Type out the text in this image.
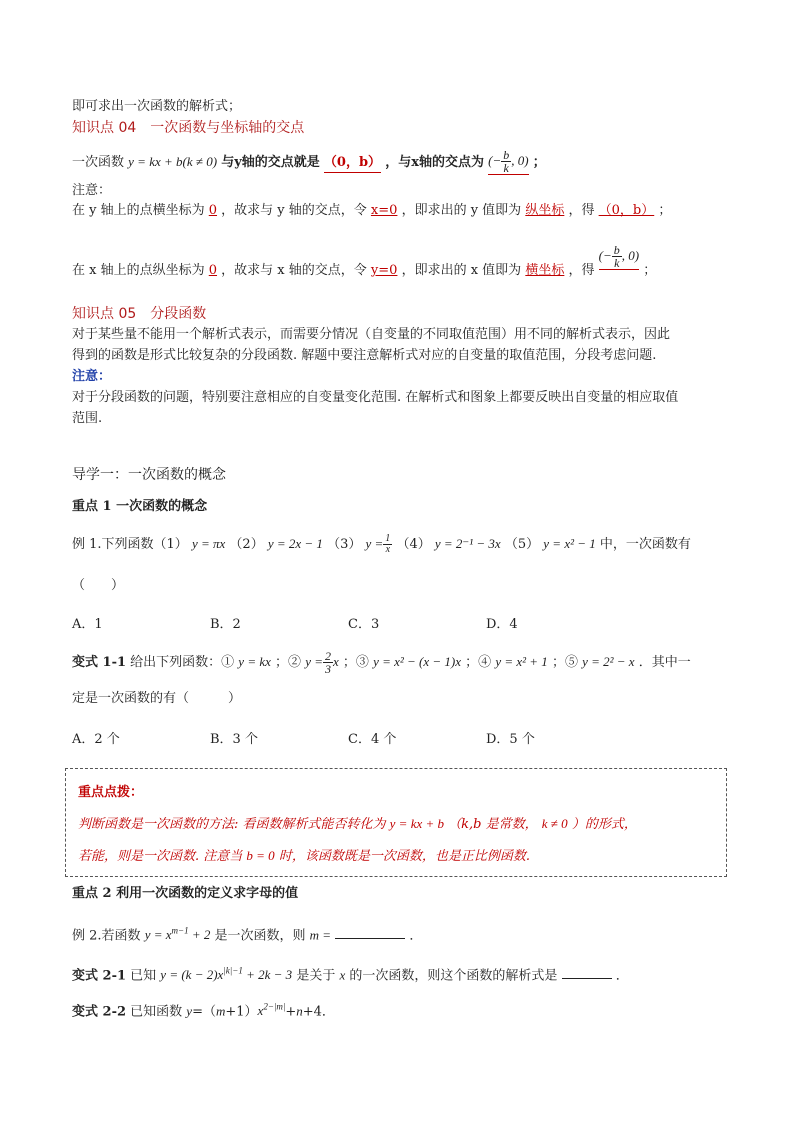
即可求出一次函数的解析式；
知识点 04　一次函数与坐标轴的交点
一次函数 y = kx + b(k ≠ 0) 与y轴的交点就是 （0，b） ，与x轴的交点为 (− $\frac{b}{k}$ , 0) ；
注意：
在 y 轴上的点横坐标为 0 ，故求与 y 轴的交点，令 x=0 ，即求出的 y 值即为 纵坐标 ，得 （0，b） ；
在 x 轴上的点纵坐标为 0 ，故求与 x 轴的交点，令 y=0 ，即求出的 x 值即为 横坐标 ，得 (− $\frac{b}{k}$ , 0) ；
知识点 05　分段函数
对于某些量不能用一个解析式表示，而需要分情况（自变量的不同取值范围）用不同的解析式表示，因此
得到的函数是形式比较复杂的分段函数. 解题中要注意解析式对应的自变量的取值范围，分段考虑问题.
注意：
对于分段函数的问题，特别要注意相应的自变量变化范围. 在解析式和图象上都要反映出自变量的相应取值
范围.
导学一：一次函数的概念
重点 1 一次函数的概念
例 1.下列函数（1） y = πx （2） y = 2x − 1 （3） $y = \frac{1}{x} (4) y = 2^{-1} - 3x$ （5） y = x² − 1 中，一次函数有
（　　）
A．1	B．2	C．3	D．4
变式 1-1 给出下列函数：① y = kx ；② $y = \frac{2}{3}$ x ；③ y = x² − (x − 1)x ；④ y = x² + 1 ；⑤ y = 2² − x ．其中一
定是一次函数的有（　　　）
A．2 个	B．3 个	C．4 个	D．5 个
重点点拨：
判断函数是一次函数的方法: 看函数解析式能否转化为 y = kx + b （k,b 是常数， k ≠ 0 ）的形式，
若能，则是一次函数. 注意当 b = 0 时，该函数既是一次函数，也是正比例函数.
重点 2 利用一次函数的定义求字母的值
例 2.若函数 $y = x^{m-1} + 2$ 是一次函数，则 m =	．
变式 2-1 已知 $y = (k - 2)x^{|k|-1} + 2k - 3$ 是关于 x 的一次函数，则这个函数的解析式是	．
变式 2-2 已知函数 $y=(m+1)x^{2-|m|}+n+4$．
